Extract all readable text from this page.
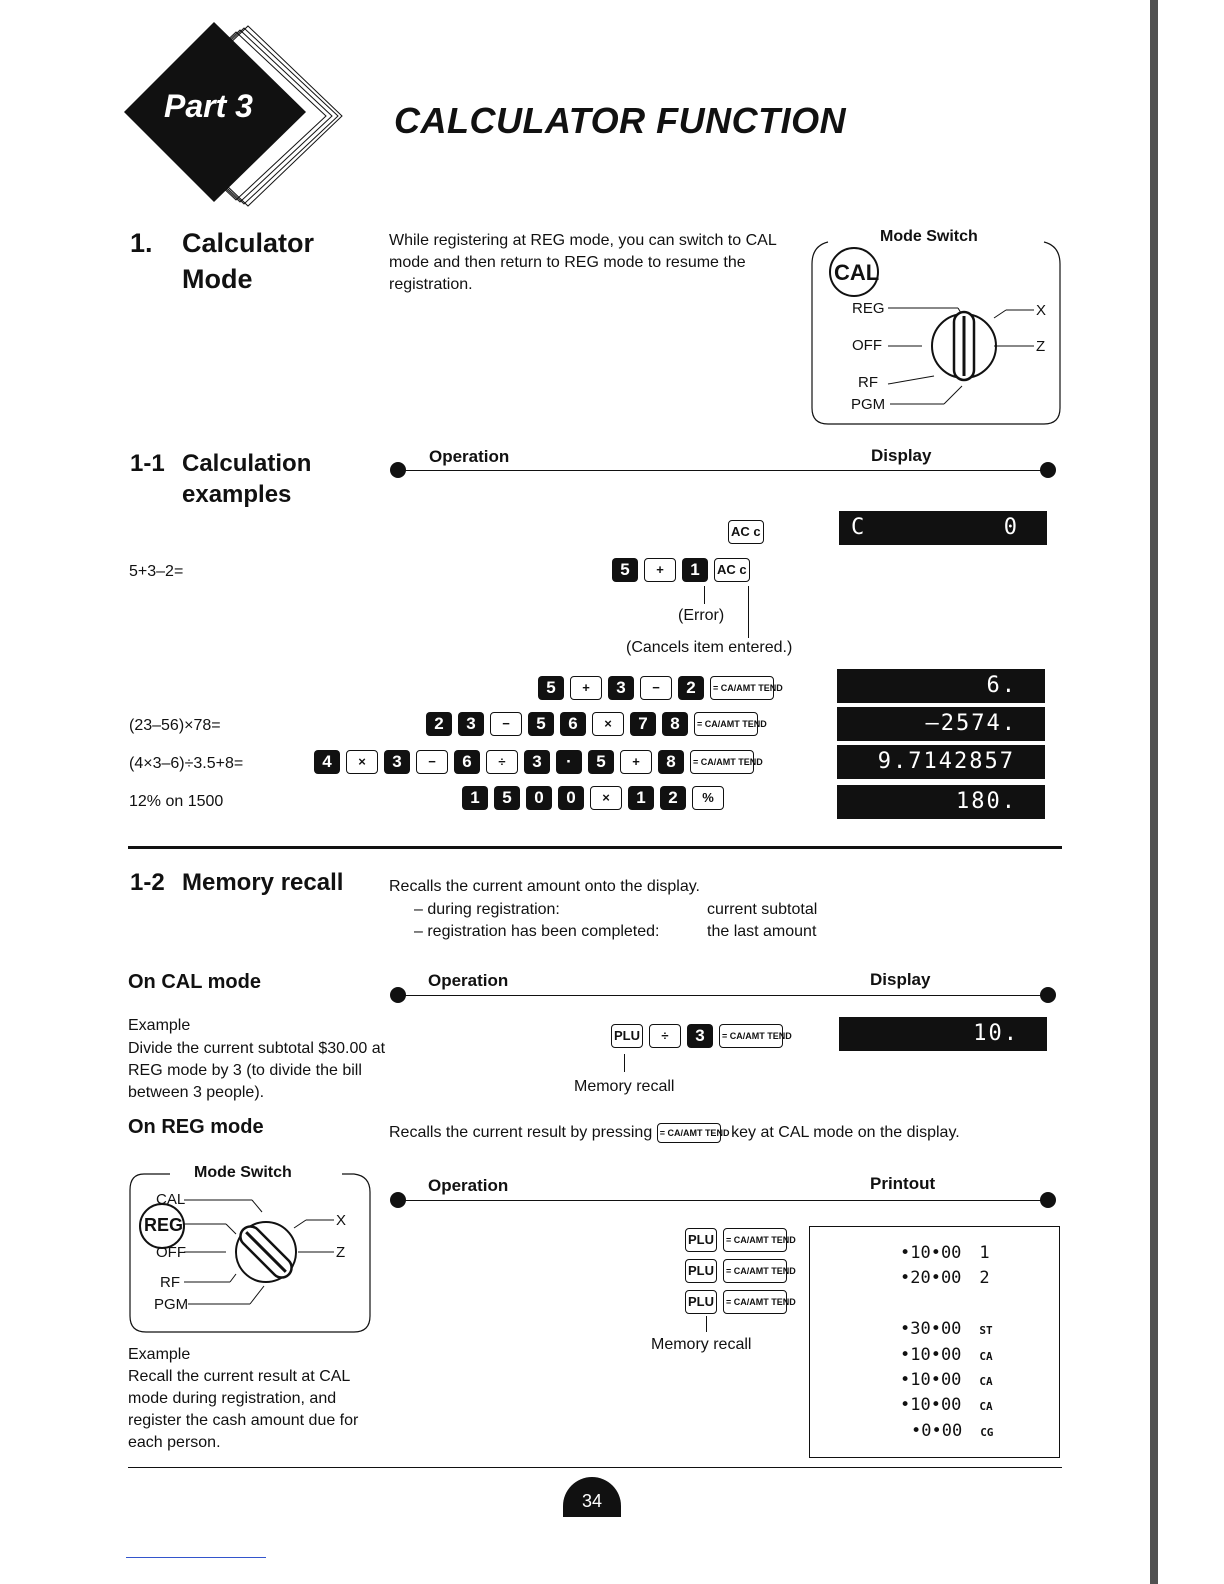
Part 3	CALCULATOR FUNCTION
1. Calculator
Mode
While registering at REG mode, you can switch to CAL mode and then return to REG mode to resume the registration.
Mode Switch
CAL
REG
OFF
RF
PGM
X
Z
1-1 Calculation
examples
Operation	Display
AC c	C	0
5+3–2=	5 + 1 AC c
(Error)
(Cancels item entered.)
5 + 3 − 2 = CA/AMT TEND	6.
(23–56)×78=	2 3 − 5 6 × 7 8 = CA/AMT TEND	–2574.
(4×3–6)÷3.5+8=	4 × 3 − 6 ÷ 3 · 5 + 8 = CA/AMT TEND	9.7142857
12% on 1500	1 5 0 0 × 1 2 %	180.
1-2 Memory recall	Recalls the current amount onto the display.
– during registration:	current subtotal
– registration has been completed:	the last amount
On CAL mode	Operation	Display
Example
Divide the current subtotal $30.00 at REG mode by 3 (to divide the bill between 3 people).
PLU ÷ 3 = CA/AMT TEND
Memory recall
10.
On REG mode	Recalls the current result by pressing = CA/AMT TEND key at CAL mode on the display.
Mode Switch
CAL
REG
OFF
RF
PGM
X
Z
Operation	Printout
Example
Recall the current result at CAL mode during registration, and register the cash amount due for each person.
PLU = CA/AMT TEND
PLU = CA/AMT TEND
PLU = CA/AMT TEND
Memory recall
•10•00 1
•20•00 2
•30•00 ST
•10•00 CA
•10•00 CA
•10•00 CA
•0•00 CG
34
